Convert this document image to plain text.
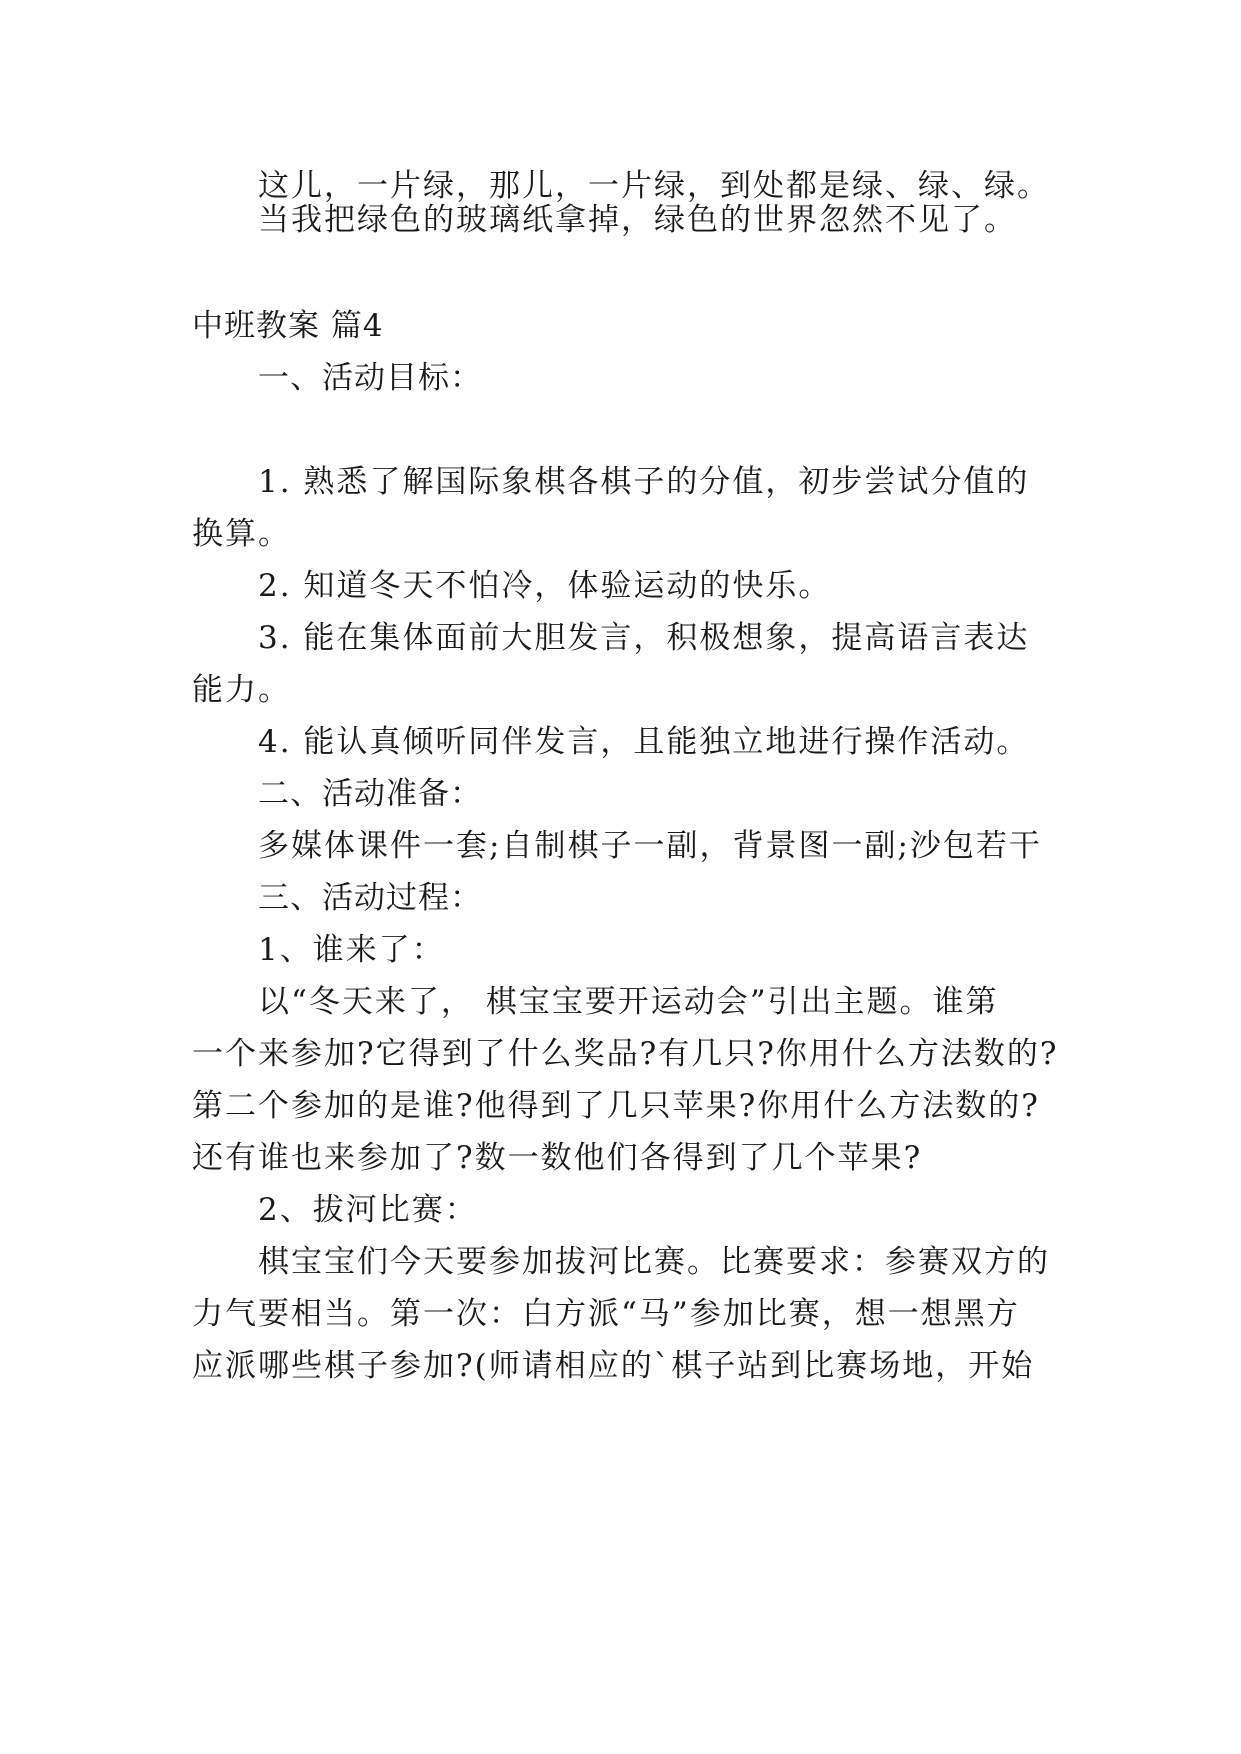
这儿，一片绿，那儿，一片绿，到处都是绿、绿、绿。
当我把绿色的玻璃纸拿掉，绿色的世界忽然不见了。
中班教案 篇4
一、活动目标：
1. 熟悉了解国际象棋各棋子的分值，初步尝试分值的
换算。
2. 知道冬天不怕冷，体验运动的快乐。
3. 能在集体面前大胆发言，积极想象，提高语言表达
能力。
4. 能认真倾听同伴发言，且能独立地进行操作活动。
二、活动准备：
多媒体课件一套;自制棋子一副，背景图一副;沙包若干
三、活动过程：
1、谁来了：
以“冬天来了， 棋宝宝要开运动会”引出主题。谁第
一个来参加?它得到了什么奖品?有几只?你用什么方法数的?
第二个参加的是谁?他得到了几只苹果?你用什么方法数的?
还有谁也来参加了?数一数他们各得到了几个苹果?
2、拔河比赛：
棋宝宝们今天要参加拔河比赛。比赛要求：参赛双方的
力气要相当。第一次：白方派“马”参加比赛，想一想黑方
应派哪些棋子参加?(师请相应的`棋子站到比赛场地，开始
